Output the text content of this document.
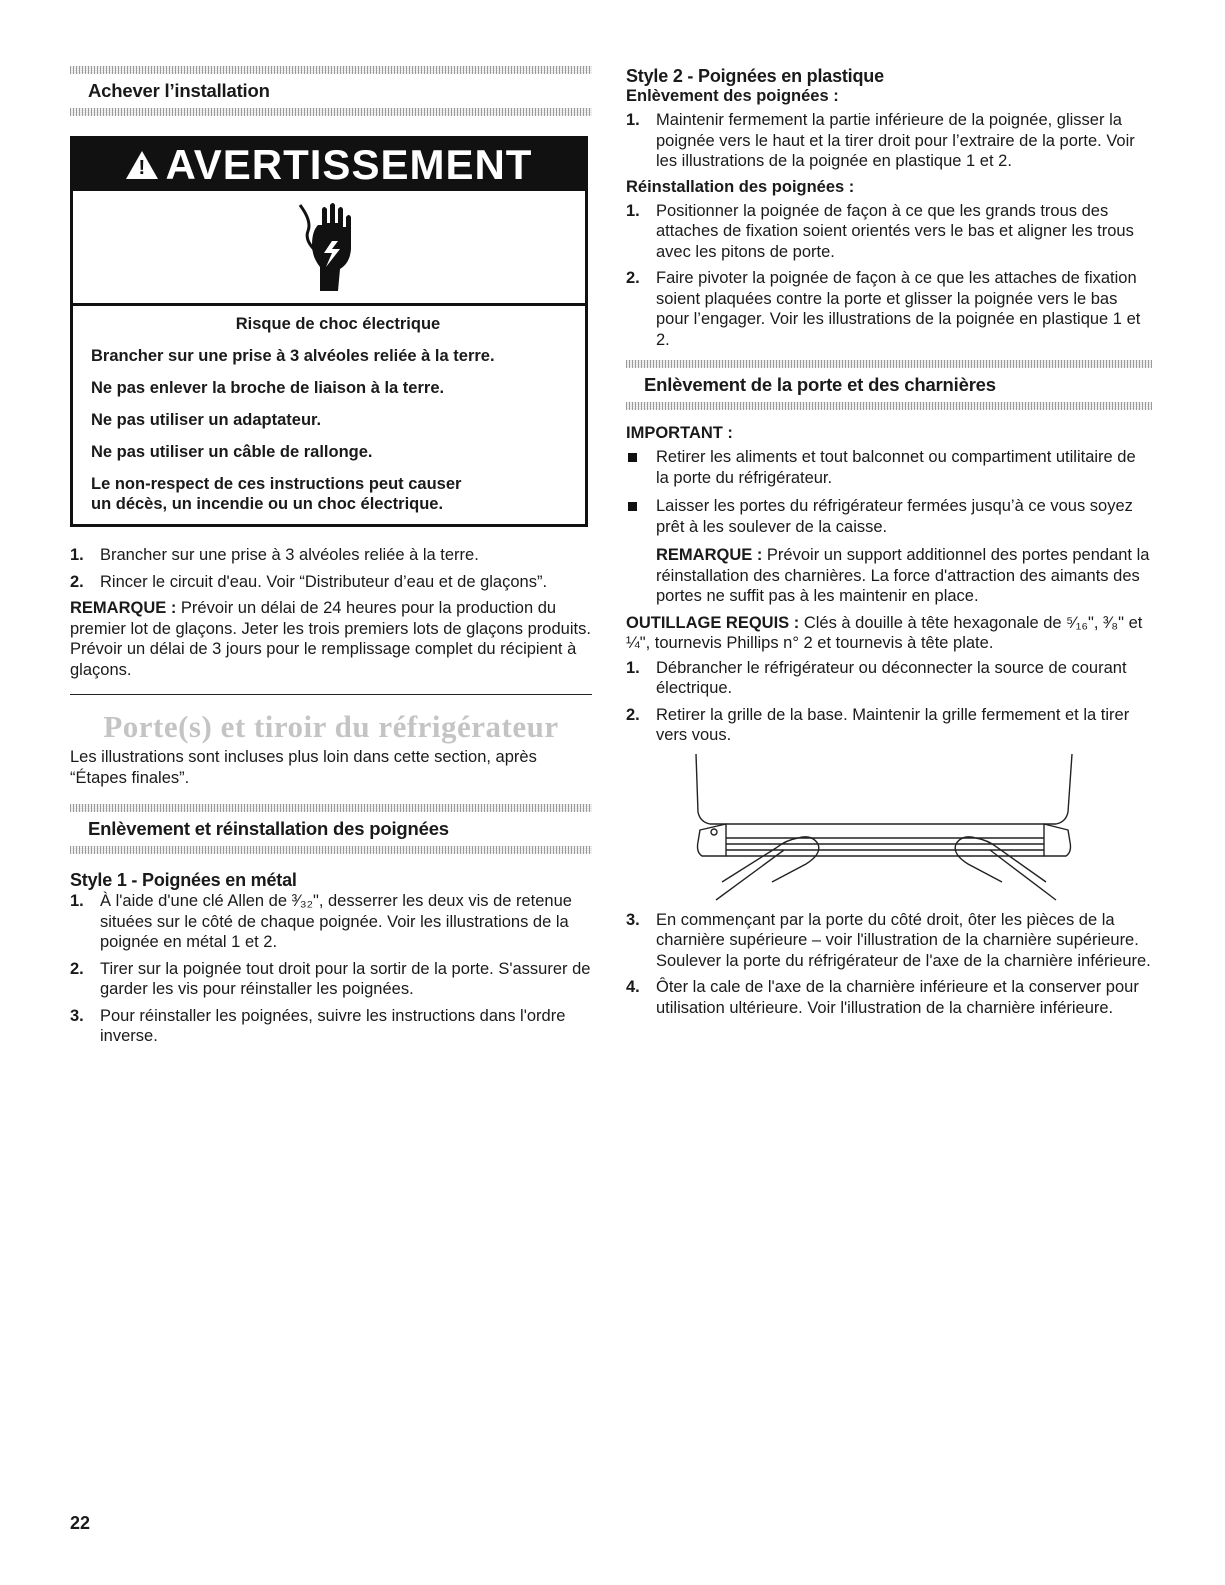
Achever l’installation
! AVERTISSEMENT

Risque de choc électrique

Brancher sur une prise à 3 alvéoles reliée à la terre.

Ne pas enlever la broche de liaison à la terre.

Ne pas utiliser un adaptateur.

Ne pas utiliser un câble de rallonge.

Le non-respect de ces instructions peut causer
un décès, un incendie ou un choc électrique.

1. Brancher sur une prise à 3 alvéoles reliée à la terre.
2. Rincer le circuit d'eau. Voir “Distributeur d’eau et de glaçons”.

REMARQUE : Prévoir un délai de 24 heures pour la production du premier lot de glaçons. Jeter les trois premiers lots de glaçons produits. Prévoir un délai de 3 jours pour le remplissage complet du récipient à glaçons.

Porte(s) et tiroir du réfrigérateur

Les illustrations sont incluses plus loin dans cette section, après “Étapes finales”.

Enlèvement et réinstallation des poignées
Style 1 - Poignées en métal
1. À l'aide d'une clé Allen de ³⁄₃₂", desserrer les deux vis de retenue situées sur le côté de chaque poignée. Voir les illustrations de la poignée en métal 1 et 2.
2. Tirer sur la poignée tout droit pour la sortir de la porte. S'assurer de garder les vis pour réinstaller les poignées.
3. Pour réinstaller les poignées, suivre les instructions dans l'ordre inverse.
Style 2 - Poignées en plastique
Enlèvement des poignées :
1. Maintenir fermement la partie inférieure de la poignée, glisser la poignée vers le haut et la tirer droit pour l’extraire de la porte. Voir les illustrations de la poignée en plastique 1 et 2.
Réinstallation des poignées :
1. Positionner la poignée de façon à ce que les grands trous des attaches de fixation soient orientés vers le bas et aligner les trous avec les pitons de porte.
2. Faire pivoter la poignée de façon à ce que les attaches de fixation soient plaquées contre la porte et glisser la poignée vers le bas pour l’engager. Voir les illustrations de la poignée en plastique 1 et 2.
Enlèvement de la porte et des charnières
IMPORTANT :
Retirer les aliments et tout balconnet ou compartiment utilitaire de la porte du réfrigérateur.
Laisser les portes du réfrigérateur fermées jusqu’à ce vous soyez prêt à les soulever de la caisse.

REMARQUE : Prévoir un support additionnel des portes pendant la réinstallation des charnières. La force d'attraction des aimants des portes ne suffit pas à les maintenir en place.

OUTILLAGE REQUIS : Clés à douille à tête hexagonale de ⁵⁄₁₆", ³⁄₈" et ¼", tournevis Phillips n° 2 et tournevis à tête plate.

1. Débrancher le réfrigérateur ou déconnecter la source de courant électrique.
2. Retirer la grille de la base. Maintenir la grille fermement et la tirer vers vous.
3. En commençant par la porte du côté droit, ôter les pièces de la charnière supérieure – voir l'illustration de la charnière supérieure. Soulever la porte du réfrigérateur de l'axe de la charnière inférieure.
4. Ôter la cale de l'axe de la charnière inférieure et la conserver pour utilisation ultérieure. Voir l'illustration de la charnière inférieure.
22
